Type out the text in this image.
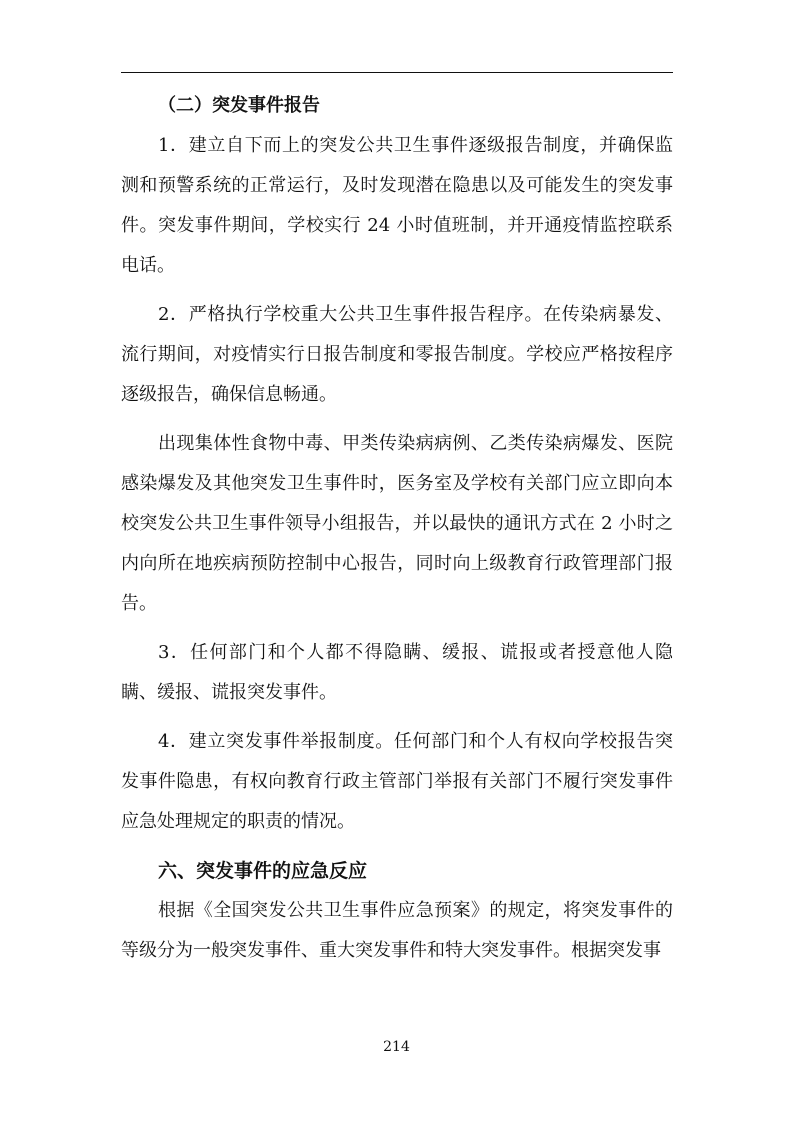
（二）突发事件报告

1．建立自下而上的突发公共卫生事件逐级报告制度，并确保监测和预警系统的正常运行，及时发现潜在隐患以及可能发生的突发事件。突发事件期间，学校实行 24 小时值班制，并开通疫情监控联系电话。

2．严格执行学校重大公共卫生事件报告程序。在传染病暴发、流行期间，对疫情实行日报告制度和零报告制度。学校应严格按程序逐级报告，确保信息畅通。

出现集体性食物中毒、甲类传染病病例、乙类传染病爆发、医院感染爆发及其他突发卫生事件时，医务室及学校有关部门应立即向本校突发公共卫生事件领导小组报告，并以最快的通讯方式在 2 小时之内向所在地疾病预防控制中心报告，同时向上级教育行政管理部门报告。

3．任何部门和个人都不得隐瞒、缓报、谎报或者授意他人隐瞒、缓报、谎报突发事件。

4．建立突发事件举报制度。任何部门和个人有权向学校报告突发事件隐患，有权向教育行政主管部门举报有关部门不履行突发事件应急处理规定的职责的情况。

六、突发事件的应急反应

根据《全国突发公共卫生事件应急预案》的规定，将突发事件的等级分为一般突发事件、重大突发事件和特大突发事件。根据突发事

214
